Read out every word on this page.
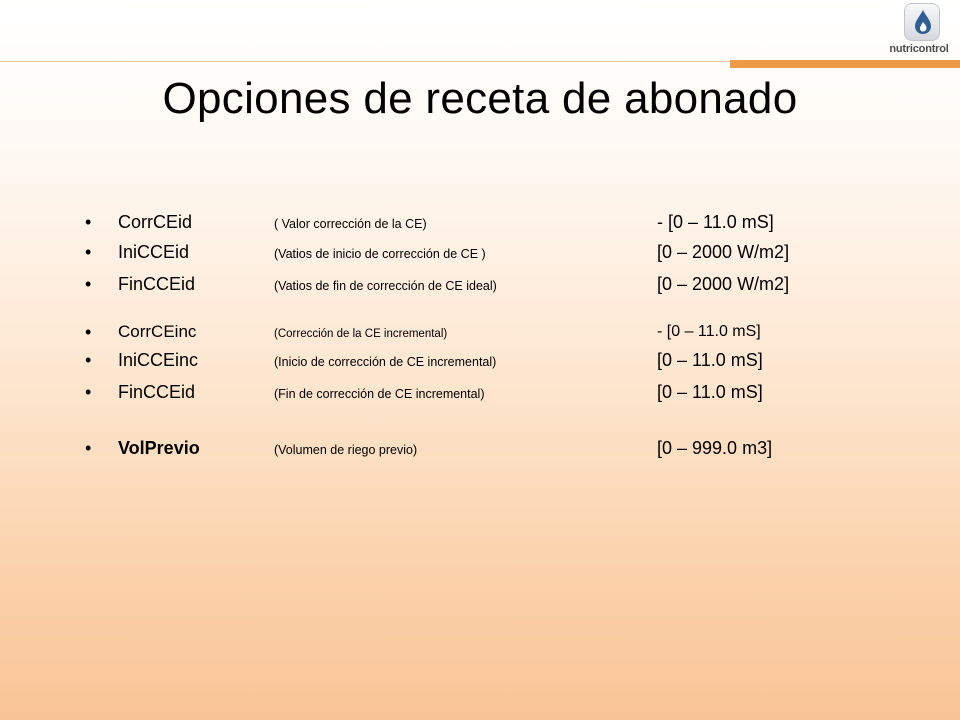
nutricontrol
Opciones de receta de abonado
• CorrCEid	( Valor corrección de la CE)	- [0 – 11.0 mS]
• IniCCEid	(Vatios de inicio de corrección de CE )	[0 – 2000 W/m2]
• FinCCEid	(Vatios de fin de corrección de CE ideal)	[0 – 2000 W/m2]
• CorrCEinc	(Corrección de la CE incremental)	- [0 – 11.0 mS]
• IniCCEinc	(Inicio de corrección de CE incremental)	[0 – 11.0 mS]
• FinCCEid	(Fin de corrección de CE incremental)	[0 – 11.0 mS]
• VolPrevio	(Volumen de riego previo)	[0 – 999.0 m3]
